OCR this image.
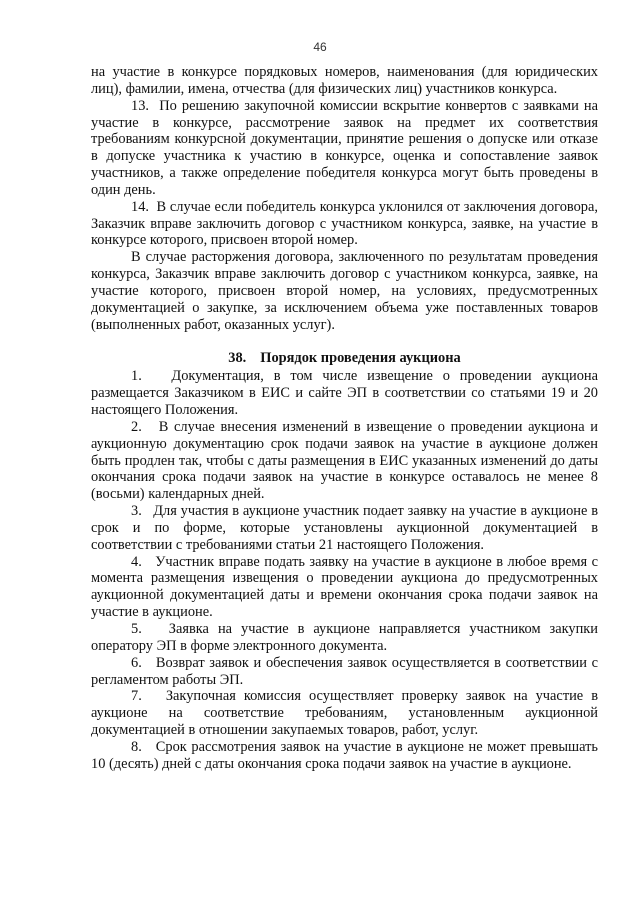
46

на участие в конкурсе порядковых номеров, наименования (для юридических лиц), фамилии, имена, отчества (для физических лиц) участников конкурса.

13.  По решению закупочной комиссии вскрытие конвертов с заявками на участие в конкурсе, рассмотрение заявок на предмет их соответствия требованиям конкурсной документации, принятие решения о допуске или отказе в допуске участника к участию в конкурсе, оценка и сопоставление заявок участников, а также определение победителя конкурса могут быть проведены в один день.

14.  В случае если победитель конкурса уклонился от заключения договора, Заказчик вправе заключить договор с участником конкурса, заявке, на участие в конкурсе которого, присвоен второй номер.

В случае расторжения договора, заключенного по результатам проведения конкурса, Заказчик вправе заключить договор с участником конкурса, заявке, на участие которого, присвоен второй номер, на условиях, предусмотренных документацией о закупке, за исключением объема уже поставленных товаров (выполненных работ, оказанных услуг).

38. Порядок проведения аукциона

1.   Документация, в том числе извещение о проведении аукциона размещается Заказчиком в ЕИС и сайте ЭП в соответствии со статьями 19 и 20 настоящего Положения.

2.   В случае внесения изменений в извещение о проведении аукциона и аукционную документацию срок подачи заявок на участие в аукционе должен быть продлен так, чтобы с даты размещения в ЕИС указанных изменений до даты окончания срока подачи заявок на участие в конкурсе оставалось не менее 8 (восьми) календарных дней.

3.   Для участия в аукционе участник подает заявку на участие в аукционе в срок и по форме, которые установлены аукционной документацией в соответствии с требованиями статьи 21 настоящего Положения.

4.   Участник вправе подать заявку на участие в аукционе в любое время с момента размещения извещения о проведении аукциона до предусмотренных аукционной документацией даты и времени окончания срока подачи заявок на участие в аукционе.

5.   Заявка на участие в аукционе направляется участником закупки оператору ЭП в форме электронного документа.

6.   Возврат заявок и обеспечения заявок осуществляется в соответствии с регламентом работы ЭП.

7.   Закупочная комиссия осуществляет проверку заявок на участие в аукционе на соответствие требованиям, установленным аукционной документацией в отношении закупаемых товаров, работ, услуг.

8.   Срок рассмотрения заявок на участие в аукционе не может превышать 10 (десять) дней с даты окончания срока подачи заявок на участие в аукционе.
